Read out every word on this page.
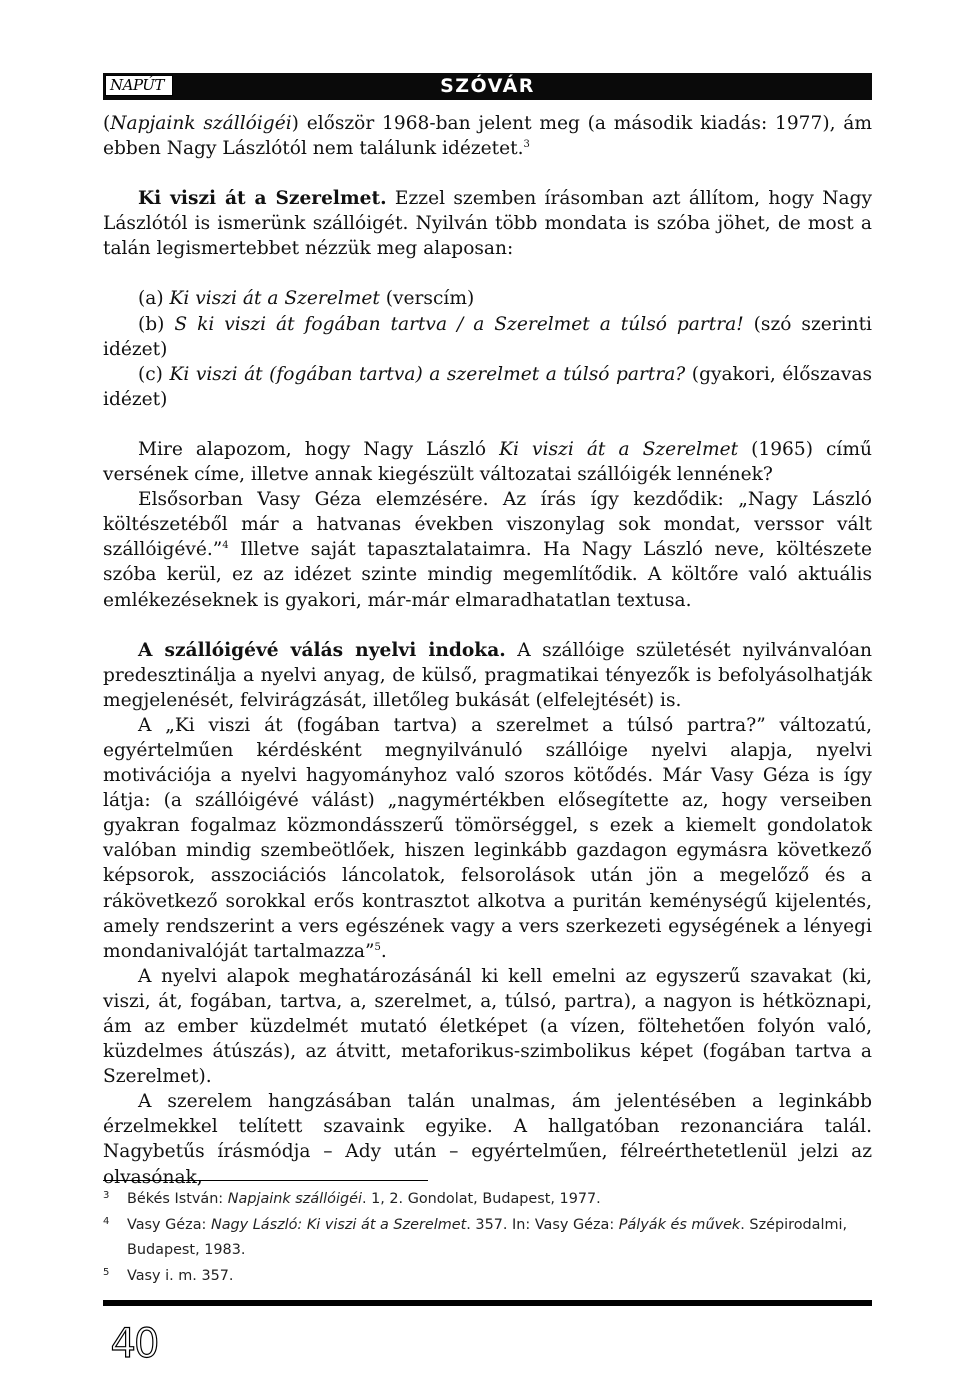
NAPÚT	SZÓVÁR

(Napjaink szállóigéi) először 1968-ban jelent meg (a második kiadás: 1977), ám ebben Nagy Lászlótól nem találunk idézetet.$^3$

Ki viszi át a Szerelmet. Ezzel szemben írásomban azt állítom, hogy Nagy Lászlótól is ismerünk szállóigét. Nyilván több mondata is szóba jöhet, de most a talán legismertebbet nézzük meg alaposan:

(a) Ki viszi át a Szerelmet (verscím)

(b) S ki viszi át fogában tartva / a Szerelmet a túlsó partra! (szó szerinti idézet)

(c) Ki viszi át (fogában tartva) a szerelmet a túlsó partra? (gyakori, élőszavas idézet)

Mire alapozom, hogy Nagy László Ki viszi át a Szerelmet (1965) című versének címe, illetve annak kiegészült változatai szállóigék lennének?

Elsősorban Vasy Géza elemzésére. Az írás így kezdődik: „Nagy László költészetéből már a hatvanas években viszonylag sok mondat, verssor vált szállóigévé.”$^4$ Illetve saját tapasztalataimra. Ha Nagy László neve, költészete szóba kerül, ez az idézet szinte mindig megemlítődik. A költőre való aktuális emlékezéseknek is gyakori, már-már elmaradhatatlan textusa.

A szállóigévé válás nyelvi indoka. A szállóige születését nyilvánvalóan predesztinálja a nyelvi anyag, de külső, pragmatikai tényezők is befolyásolhatják megjelenését, felvirágzását, illetőleg bukását (elfelejtését) is.

A „Ki viszi át (fogában tartva) a szerelmet a túlsó partra?” változatú, egyértelműen kérdésként megnyilvánuló szállóige nyelvi alapja, nyelvi motivációja a nyelvi hagyományhoz való szoros kötődés. Már Vasy Géza is így látja: (a szállóigévé válást) „nagymértékben elősegítette az, hogy verseiben gyakran fogalmaz közmondásszerű tömörséggel, s ezek a kiemelt gondolatok valóban mindig szembeötlőek, hiszen leginkább gazdagon egymásra következő képsorok, asszociációs láncolatok, felsorolások után jön a megelőző és a rákövetkező sorokkal erős kontrasztot alkotva a puritán keménységű kijelentés, amely rendszerint a vers egészének vagy a vers szerkezeti egységének a lényegi mondanivalóját tartalmazza”$^5$.

A nyelvi alapok meghatározásánál ki kell emelni az egyszerű szavakat (ki, viszi, át, fogában, tartva, a, szerelmet, a, túlsó, partra), a nagyon is hétköznapi, ám az ember küzdelmét mutató életképet (a vízen, föltehetően folyón való, küzdelmes átúszás), az átvitt, metaforikus-szimbolikus képet (fogában tartva a Szerelmet).

A szerelem hangzásában talán unalmas, ám jelentésében a leginkább érzelmekkel telített szavaink egyike. A hallgatóban rezonanciára talál. Nagybetűs írásmódja – Ady után – egyértelműen, félreérthetetlenül jelzi az olvasónak,

3 Békés István: Napjaink szállóigéi. 1, 2. Gondolat, Budapest, 1977.
4 Vasy Géza: Nagy László: Ki viszi át a Szerelmet. 357. In: Vasy Géza: Pályák és művek. Szépirodalmi, Budapest, 1983.
5 Vasy i. m. 357.
40
